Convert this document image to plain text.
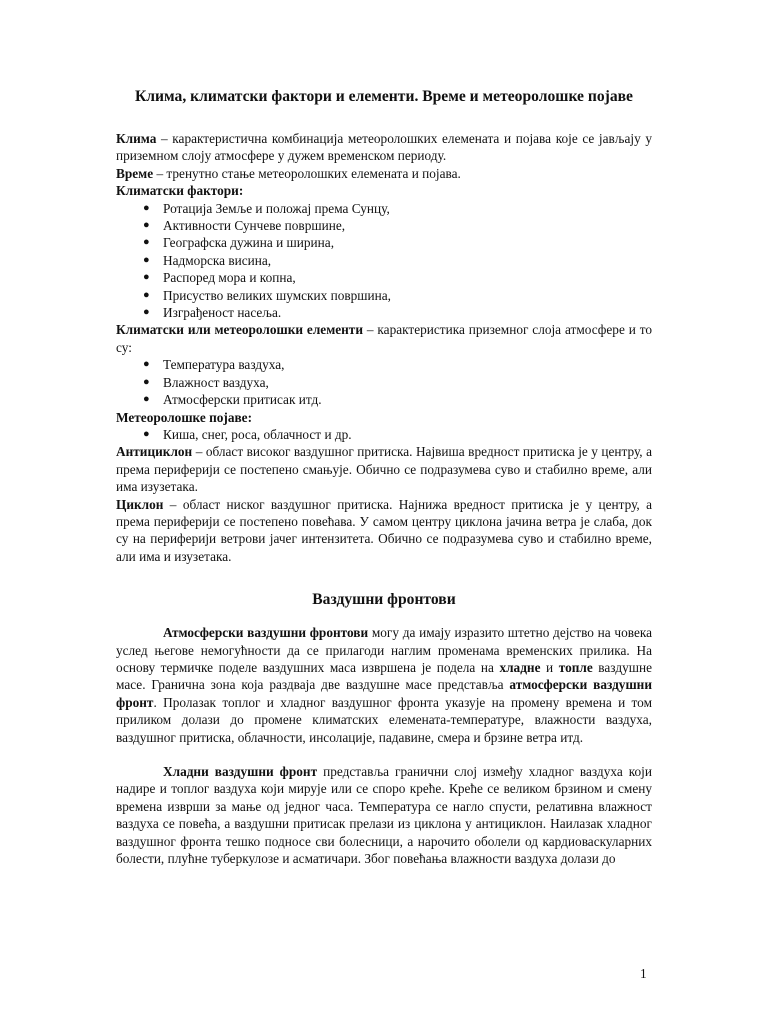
Клима, климатски фактори и елементи. Време и метеоролошке појаве

Клима – карактеристична комбинација метеоролошких елемената и појава које се јављају у приземном слоју атмосфере у дужем временском периоду.

Време – тренутно стање метеоролошких елемената и појава.

Климатски фактори:

● Ротација Земље и положај према Сунцу,
● Активности Сунчеве површине,
● Географска дужина и ширина,
● Надморска висина,
● Распоред мора и копна,
● Присуство великих шумских површина,
● Изграђеност насеља.

Климатски или метеоролошки елементи – карактеристика приземног слоја атмосфере и то су:

● Температура ваздуха,
● Влажност ваздуха,
● Атмосферски притисак итд.

Метеоролошке појаве:

● Киша, снег, роса, облачност и др.

Антициклон – област високог ваздушног притиска. Највиша вредност притиска је у центру, а према периферији се постепено смањује. Обично се подразумева суво и стабилно време, али има изузетака.

Циклон – област ниског ваздушног притиска. Најнижа вредност притиска је у центру, а према периферији се постепено повећава. У самом центру циклона јачина ветра је слаба, док су на периферији ветрови јачег интензитета. Обично се подразумева суво и стабилно време, али има и изузетака.

Ваздушни фронтови

Атмосферски ваздушни фронтови могу да имају изразито штетно дејство на човека услед његове немогућности да се прилагоди наглим променама временских прилика. На основу термичке поделе ваздушних маса извршена је подела на хладне и топле ваздушне масе. Гранична зона која раздваја две ваздушне масе представља атмосферски ваздушни фронт. Пролазак топлог и хладног ваздушног фронта указује на промену времена и том приликом долази до промене климатских елемената-температуре, влажности ваздуха, ваздушног притиска, облачности, инсолације, падавине, смера и брзине ветра итд.

Хладни ваздушни фронт представља гранични слој између хладног ваздуха који надире и топлог ваздуха који мирује или се споро креће. Креће се великом брзином и смену времена изврши за мање од једног часа. Температура се нагло спусти, релативна влажност ваздуха се повећа, а ваздушни притисак прелази из циклона у антициклон. Наилазак хладног ваздушног фронта тешко подносе сви болесници, а нарочито оболели од кардиоваскуларних болести, плућне туберкулозе и асматичари. Због повећања влажности ваздуха долази до

1
